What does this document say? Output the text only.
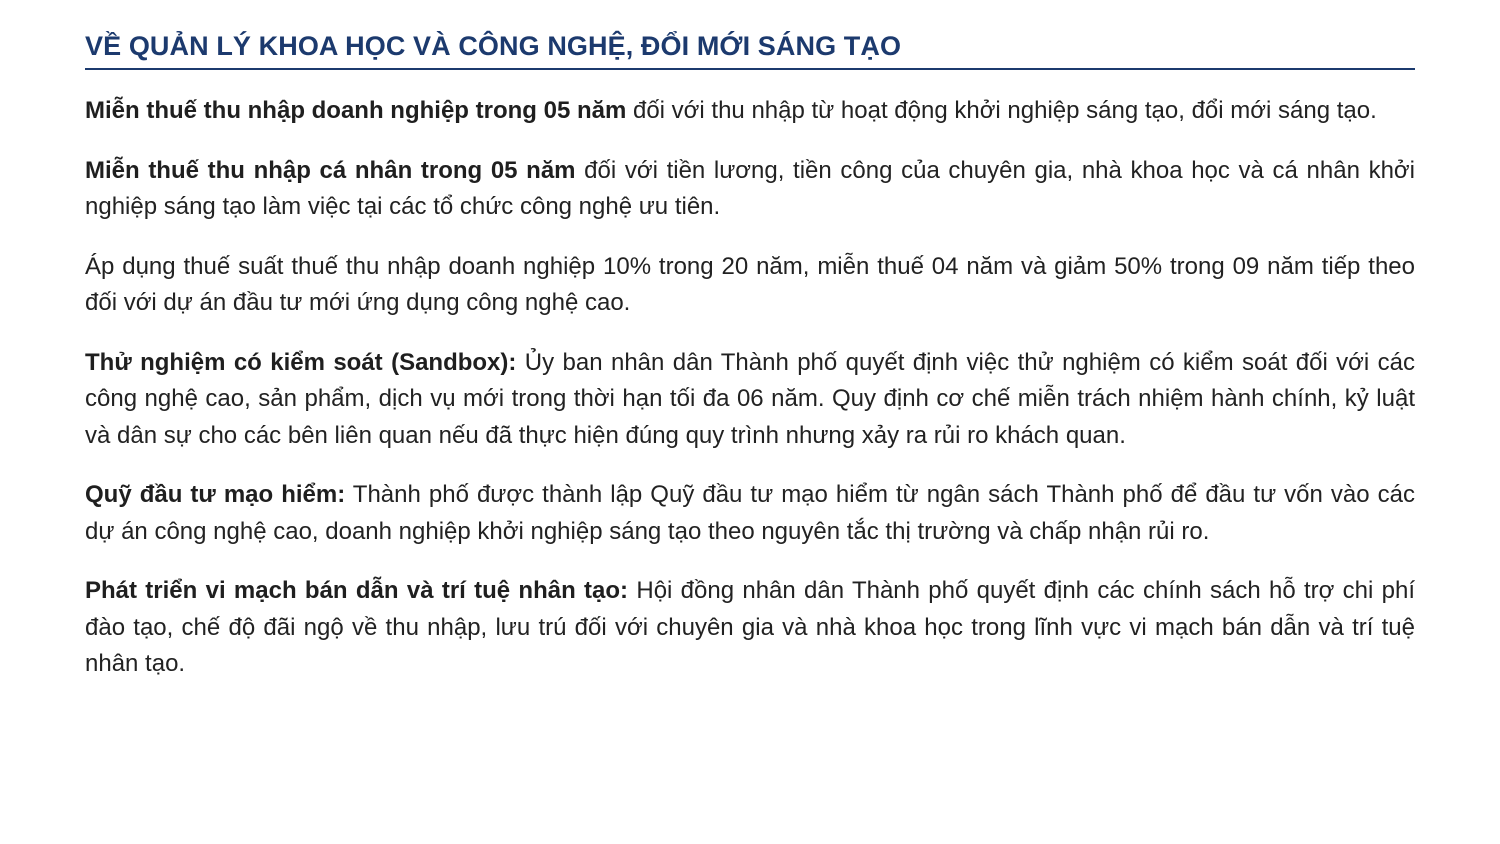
VỀ QUẢN LÝ KHOA HỌC VÀ CÔNG NGHỆ, ĐỔI MỚI SÁNG TẠO

Miễn thuế thu nhập doanh nghiệp trong 05 năm đối với thu nhập từ hoạt động khởi nghiệp sáng tạo, đổi mới sáng tạo.

Miễn thuế thu nhập cá nhân trong 05 năm đối với tiền lương, tiền công của chuyên gia, nhà khoa học và cá nhân khởi nghiệp sáng tạo làm việc tại các tổ chức công nghệ ưu tiên.

Áp dụng thuế suất thuế thu nhập doanh nghiệp 10% trong 20 năm, miễn thuế 04 năm và giảm 50% trong 09 năm tiếp theo đối với dự án đầu tư mới ứng dụng công nghệ cao.

Thử nghiệm có kiểm soát (Sandbox): Ủy ban nhân dân Thành phố quyết định việc thử nghiệm có kiểm soát đối với các công nghệ cao, sản phẩm, dịch vụ mới trong thời hạn tối đa 06 năm. Quy định cơ chế miễn trách nhiệm hành chính, kỷ luật và dân sự cho các bên liên quan nếu đã thực hiện đúng quy trình nhưng xảy ra rủi ro khách quan.

Quỹ đầu tư mạo hiểm: Thành phố được thành lập Quỹ đầu tư mạo hiểm từ ngân sách Thành phố để đầu tư vốn vào các dự án công nghệ cao, doanh nghiệp khởi nghiệp sáng tạo theo nguyên tắc thị trường và chấp nhận rủi ro.

Phát triển vi mạch bán dẫn và trí tuệ nhân tạo: Hội đồng nhân dân Thành phố quyết định các chính sách hỗ trợ chi phí đào tạo, chế độ đãi ngộ về thu nhập, lưu trú đối với chuyên gia và nhà khoa học trong lĩnh vực vi mạch bán dẫn và trí tuệ nhân tạo.
